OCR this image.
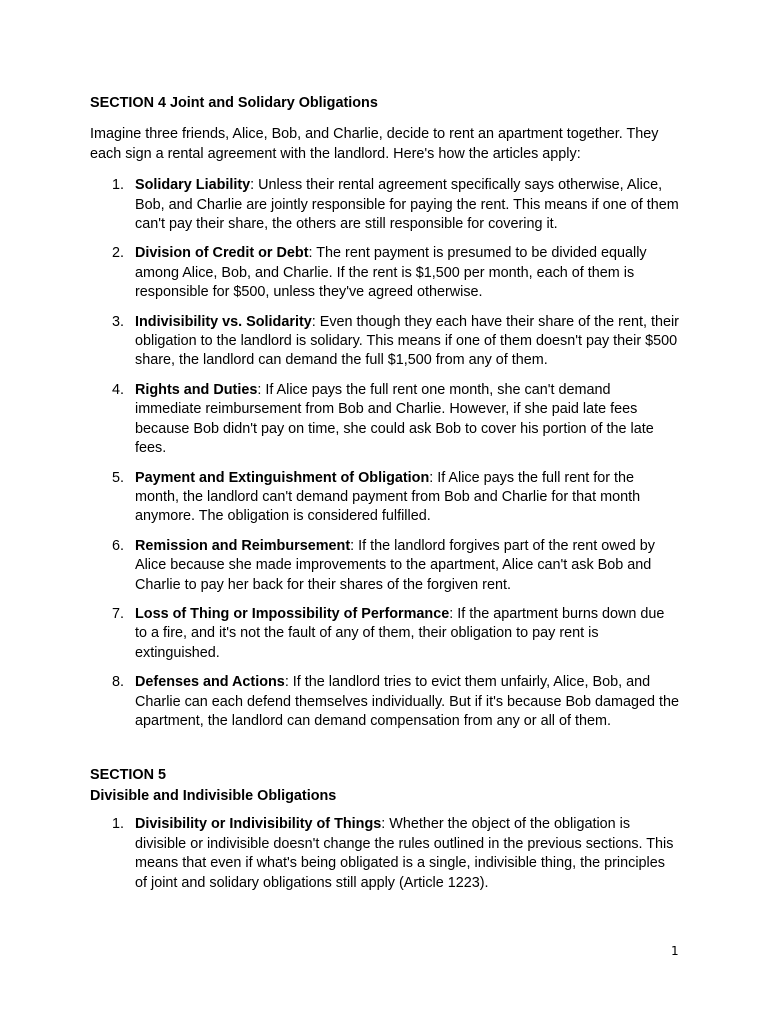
SECTION 4 Joint and Solidary Obligations

Imagine three friends, Alice, Bob, and Charlie, decide to rent an apartment together. They each sign a rental agreement with the landlord. Here's how the articles apply:

1. Solidary Liability: Unless their rental agreement specifically says otherwise, Alice, Bob, and Charlie are jointly responsible for paying the rent. This means if one of them can't pay their share, the others are still responsible for covering it.
2. Division of Credit or Debt: The rent payment is presumed to be divided equally among Alice, Bob, and Charlie. If the rent is $1,500 per month, each of them is responsible for $500, unless they've agreed otherwise.
3. Indivisibility vs. Solidarity: Even though they each have their share of the rent, their obligation to the landlord is solidary. This means if one of them doesn't pay their $500 share, the landlord can demand the full $1,500 from any of them.
4. Rights and Duties: If Alice pays the full rent one month, she can't demand immediate reimbursement from Bob and Charlie. However, if she paid late fees because Bob didn't pay on time, she could ask Bob to cover his portion of the late fees.
5. Payment and Extinguishment of Obligation: If Alice pays the full rent for the month, the landlord can't demand payment from Bob and Charlie for that month anymore. The obligation is considered fulfilled.
6. Remission and Reimbursement: If the landlord forgives part of the rent owed by Alice because she made improvements to the apartment, Alice can't ask Bob and Charlie to pay her back for their shares of the forgiven rent.
7. Loss of Thing or Impossibility of Performance: If the apartment burns down due to a fire, and it's not the fault of any of them, their obligation to pay rent is extinguished.
8. Defenses and Actions: If the landlord tries to evict them unfairly, Alice, Bob, and Charlie can each defend themselves individually. But if it's because Bob damaged the apartment, the landlord can demand compensation from any or all of them.

SECTION 5

Divisible and Indivisible Obligations

1. Divisibility or Indivisibility of Things: Whether the object of the obligation is divisible or indivisible doesn't change the rules outlined in the previous sections. This means that even if what's being obligated is a single, indivisible thing, the principles of joint and solidary obligations still apply (Article 1223).
1
